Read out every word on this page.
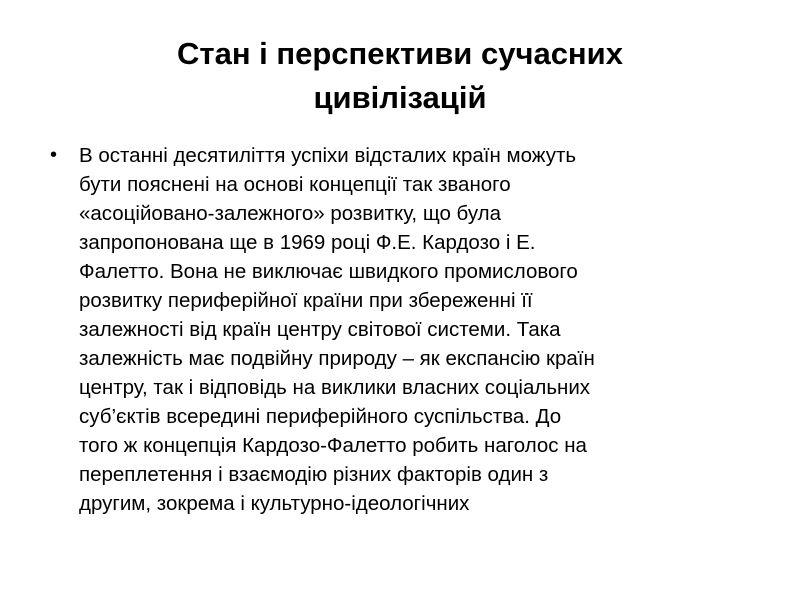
Стан і перспективи сучасних
цивілізацій
• В останні десятиліття успіхи відсталих країн можуть
бути пояснені на основі концепції так званого
«асоційовано-залежного» розвитку, що була
запропонована ще в 1969 році Ф.Е. Кардозо і Е.
Фалетто. Вона не виключає швидкого промислового
розвитку периферійної країни при збереженні її
залежності від країн центру світової системи. Така
залежність має подвійну природу – як експансію країн
центру, так і відповідь на виклики власних соціальних
суб’єктів всередині периферійного суспільства. До
того ж концепція Кардозо-Фалетто робить наголос на
переплетення і взаємодію різних факторів один з
другим, зокрема і культурно-ідеологічних
